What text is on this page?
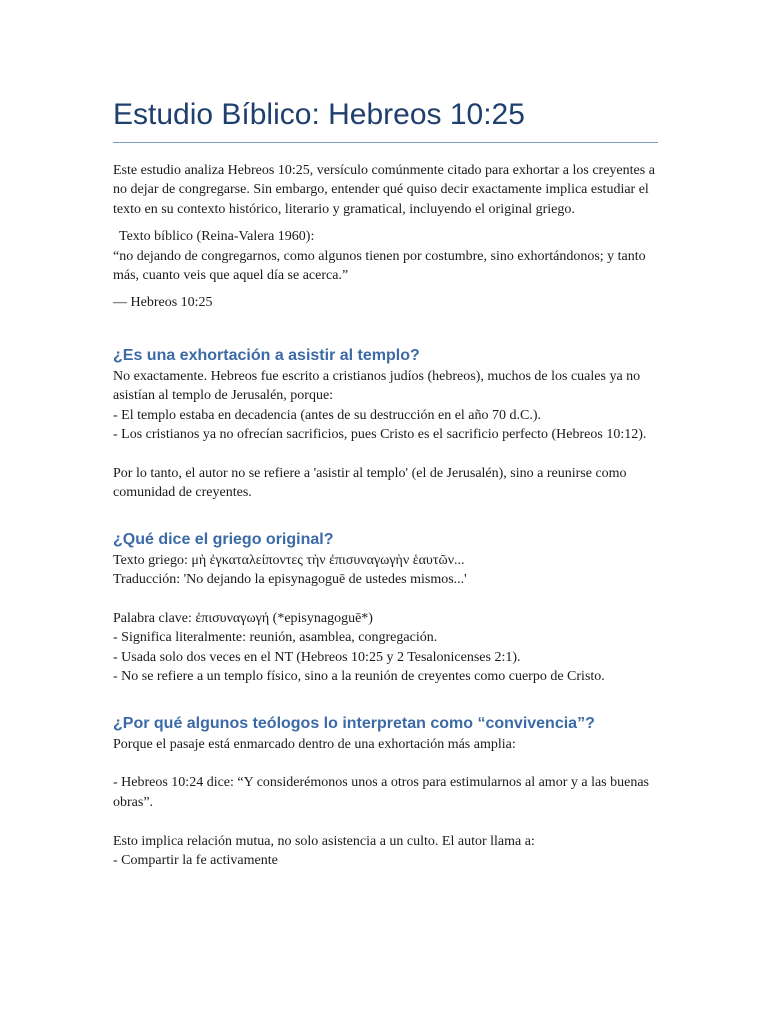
Estudio Bíblico: Hebreos 10:25

Este estudio analiza Hebreos 10:25, versículo comúnmente citado para exhortar a los creyentes a no dejar de congregarse. Sin embargo, entender qué quiso decir exactamente implica estudiar el texto en su contexto histórico, literario y gramatical, incluyendo el original griego.

Texto bíblico (Reina-Valera 1960):

“no dejando de congregarnos, como algunos tienen por costumbre, sino exhortándonos; y tanto más, cuanto veis que aquel día se acerca.”

— Hebreos 10:25

¿Es una exhortación a asistir al templo?

No exactamente. Hebreos fue escrito a cristianos judíos (hebreos), muchos de los cuales ya no asistían al templo de Jerusalén, porque:

- El templo estaba en decadencia (antes de su destrucción en el año 70 d.C.).

- Los cristianos ya no ofrecían sacrificios, pues Cristo es el sacrificio perfecto (Hebreos 10:12).

Por lo tanto, el autor no se refiere a 'asistir al templo' (el de Jerusalén), sino a reunirse como comunidad de creyentes.

¿Qué dice el griego original?

Texto griego: μὴ ἐγκαταλείποντες τὴν ἐπισυναγωγὴν ἑαυτῶν...

Traducción: 'No dejando la episynagoguē de ustedes mismos...'

Palabra clave: ἐπισυναγωγή (*episynagoguē*)

- Significa literalmente: reunión, asamblea, congregación.

- Usada solo dos veces en el NT (Hebreos 10:25 y 2 Tesalonicenses 2:1).

- No se refiere a un templo físico, sino a la reunión de creyentes como cuerpo de Cristo.

¿Por qué algunos teólogos lo interpretan como “convivencia”?

Porque el pasaje está enmarcado dentro de una exhortación más amplia:

- Hebreos 10:24 dice: “Y considerémonos unos a otros para estimularnos al amor y a las buenas obras”.

Esto implica relación mutua, no solo asistencia a un culto. El autor llama a:

- Compartir la fe activamente
